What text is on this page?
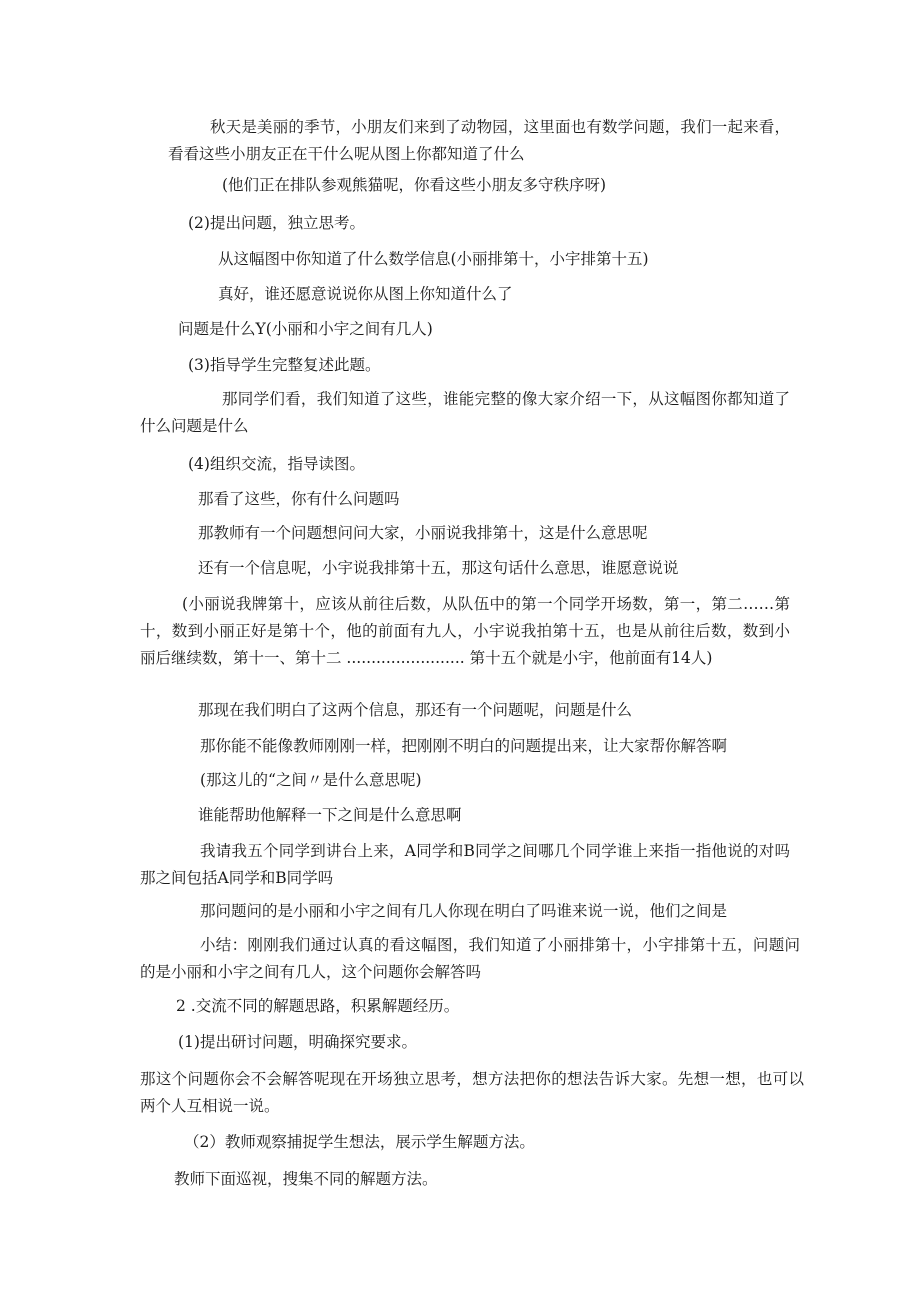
秋天是美丽的季节，小朋友们来到了动物园，这里面也有数学问题，我们一起来看，看看这些小朋友正在干什么呢从图上你都知道了什么

(他们正在排队参观熊猫呢，你看这些小朋友多守秩序呀)

(2)提出问题，独立思考。

从这幅图中你知道了什么数学信息(小丽排第十，小宇排第十五)

真好，谁还愿意说说你从图上你知道什么了

问题是什么Y(小丽和小宇之间有几人)

(3)指导学生完整复述此题。

那同学们看，我们知道了这些，谁能完整的像大家介绍一下，从这幅图你都知道了什么问题是什么

(4)组织交流，指导读图。

那看了这些，你有什么问题吗

那教师有一个问题想问问大家，小丽说我排第十，这是什么意思呢

还有一个信息呢，小宇说我排第十五，那这句话什么意思，谁愿意说说

(小丽说我牌第十，应该从前往后数，从队伍中的第一个同学开场数，第一，第二……第十，数到小丽正好是第十个，他的前面有九人，小宇说我拍第十五，也是从前往后数，数到小丽后继续数，第十一、第十二 ........................ 第十五个就是小宇，他前面有14人)

那现在我们明白了这两个信息，那还有一个问题呢，问题是什么

那你能不能像教师刚刚一样，把刚刚不明白的问题提出来，让大家帮你解答啊

(那这儿的“之间〃是什么意思呢)

谁能帮助他解释一下之间是什么意思啊

我请我五个同学到讲台上来，A同学和B同学之间哪几个同学谁上来指一指他说的对吗那之间包括A同学和B同学吗

那问题问的是小丽和小宇之间有几人你现在明白了吗谁来说一说，他们之间是

小结：刚刚我们通过认真的看这幅图，我们知道了小丽排第十，小宇排第十五，问题问的是小丽和小宇之间有几人，这个问题你会解答吗

2 .交流不同的解题思路，积累解题经历。

(1)提出研讨问题，明确探究要求。

那这个问题你会不会解答呢现在开场独立思考，想方法把你的想法告诉大家。先想一想，也可以两个人互相说一说。

（2）教师观察捕捉学生想法，展示学生解题方法。

教师下面巡视，搜集不同的解题方法。
